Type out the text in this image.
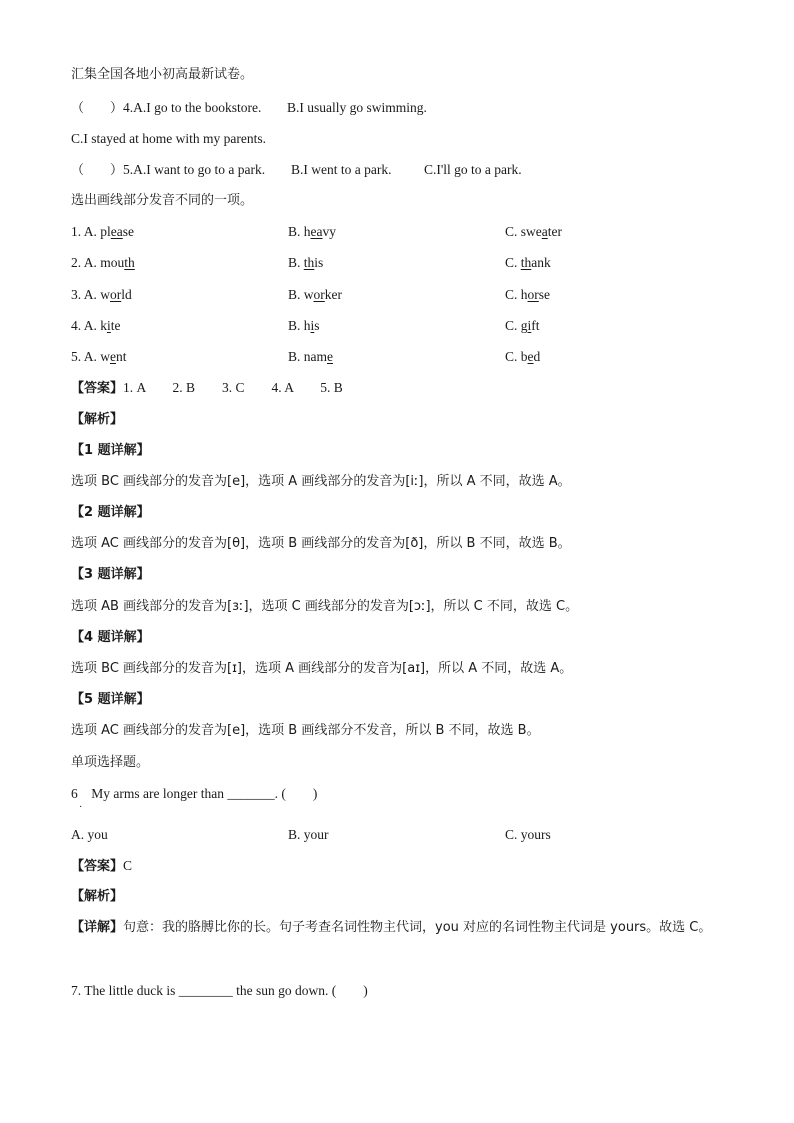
汇集全国各地小初高最新试卷。
（　　）4.A.I go to the bookstore. B.I usually go swimming.
C.I stayed at home with my parents.
（　　）5.A.I want to go to a park. B.I went to a park. C.I'll go to a park.
选出画线部分发音不同的一项。
1. A. please	B. heavy	C. sweater
2. A. mouth	B. this	C. thank
3. A. world	B. worker	C. horse
4. A. kite	B. his	C. gift
5. A. went	B. name	C. bed
【答案】1. A　　2. B　　3. C　　4. A　　5. B
【解析】
【1 题详解】
选项 BC 画线部分的发音为[e]，选项 A 画线部分的发音为[iː]，所以 A 不同，故选 A。
【2 题详解】
选项 AC 画线部分的发音为[θ]，选项 B 画线部分的发音为[ð]，所以 B 不同，故选 B。
【3 题详解】
选项 AB 画线部分的发音为[ɜː]，选项 C 画线部分的发音为[ɔː]，所以 C 不同，故选 C。
【4 题详解】
选项 BC 画线部分的发音为[ɪ]，选项 A 画线部分的发音为[aɪ]，所以 A 不同，故选 A。
【5 题详解】
选项 AC 画线部分的发音为[e]，选项 B 画线部分不发音，所以 B 不同，故选 B。
单项选择题。
6　My arms are longer than _______. (　　)
·
A. you	B. your	C. yours
【答案】C
【解析】
【详解】句意：我的胳膊比你的长。句子考查名词性物主代词，you 对应的名词性物主代词是 yours。故选 C。
7. The little duck is ________ the sun go down. (　　)
